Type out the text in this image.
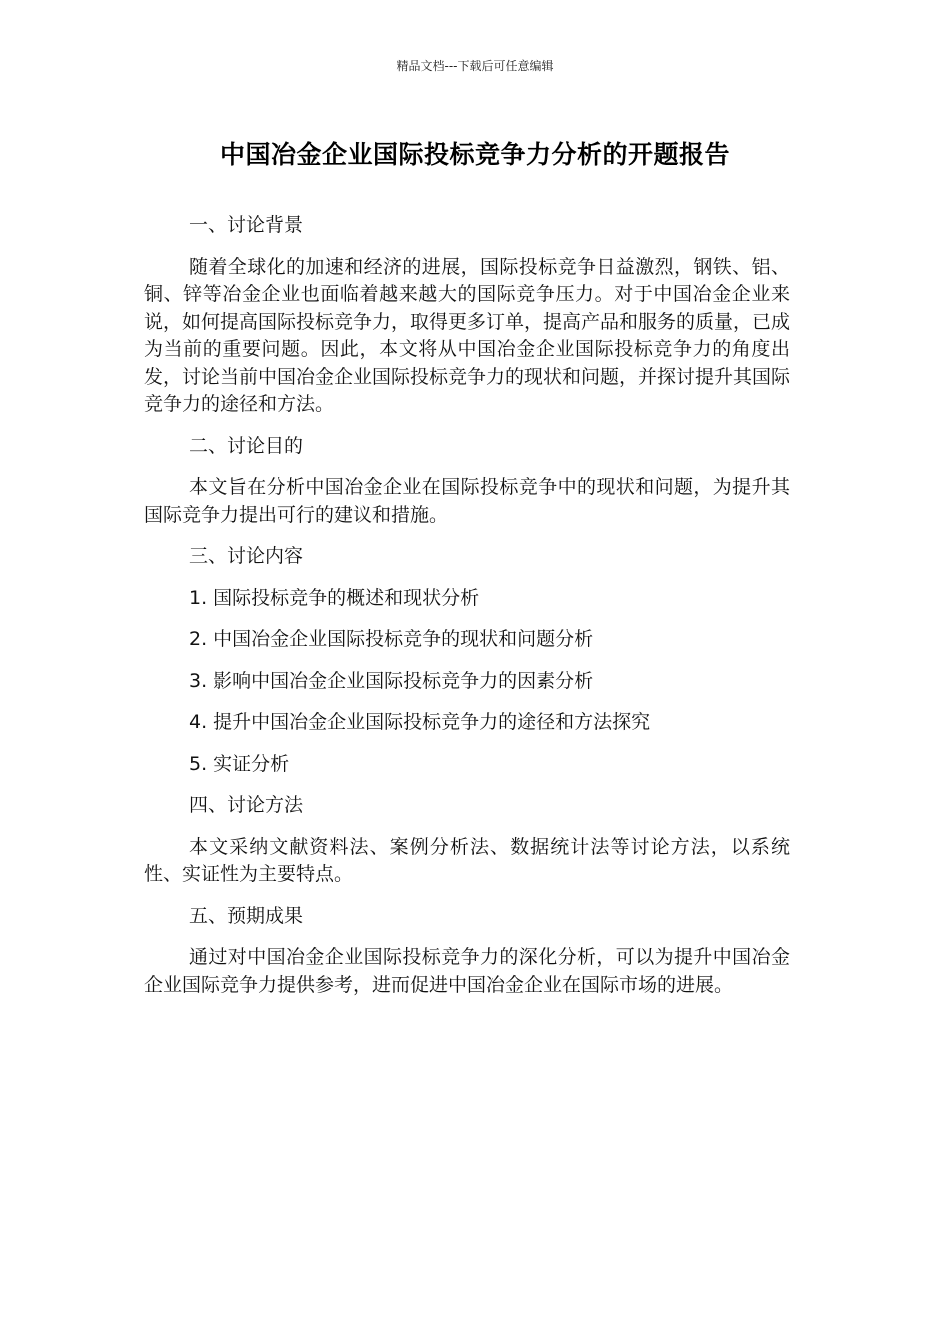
精品文档---下载后可任意编辑
中国冶金企业国际投标竞争力分析的开题报告

一、讨论背景

随着全球化的加速和经济的进展，国际投标竞争日益激烈，钢铁、铝、铜、锌等冶金企业也面临着越来越大的国际竞争压力。对于中国冶金企业来说，如何提高国际投标竞争力，取得更多订单，提高产品和服务的质量，已成为当前的重要问题。因此，本文将从中国冶金企业国际投标竞争力的角度出发，讨论当前中国冶金企业国际投标竞争力的现状和问题，并探讨提升其国际竞争力的途径和方法。

二、讨论目的

本文旨在分析中国冶金企业在国际投标竞争中的现状和问题，为提升其国际竞争力提出可行的建议和措施。

三、讨论内容

1. 国际投标竞争的概述和现状分析

2. 中国冶金企业国际投标竞争的现状和问题分析

3. 影响中国冶金企业国际投标竞争力的因素分析

4. 提升中国冶金企业国际投标竞争力的途径和方法探究

5. 实证分析

四、讨论方法

本文采纳文献资料法、案例分析法、数据统计法等讨论方法，以系统性、实证性为主要特点。

五、预期成果

通过对中国冶金企业国际投标竞争力的深化分析，可以为提升中国冶金企业国际竞争力提供参考，进而促进中国冶金企业在国际市场的进展。
